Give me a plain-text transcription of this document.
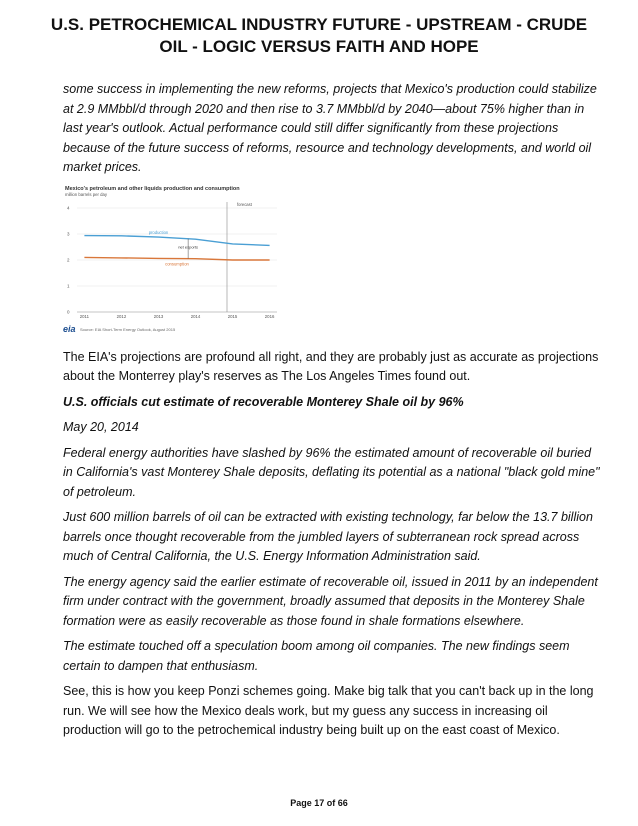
U.S. PETROCHEMICAL INDUSTRY FUTURE - UPSTREAM - CRUDE OIL - LOGIC VERSUS FAITH AND HOPE

some success in implementing the new reforms, projects that Mexico's production could stabilize at 2.9 MMbbl/d through 2020 and then rise to 3.7 MMbbl/d by 2040—about 75% higher than in last year's outlook. Actual performance could still differ significantly from these projections because of the future success of reforms, resource and technology developments, and world oil market prices.

Mexico's petroleum and other liquids production and consumption
million barrels per day
0
1
2
3
4
2011	2012	2013	2014	2015	2016
forecast
production
consumption
net exports
eia Source: EIA Short-Term Energy Outlook, August 2015

The EIA's projections are profound all right, and they are probably just as accurate as projections about the Monterrey play's reserves as The Los Angeles Times found out.

U.S. officials cut estimate of recoverable Monterey Shale oil by 96%

May 20, 2014

Federal energy authorities have slashed by 96% the estimated amount of recoverable oil buried in California's vast Monterey Shale deposits, deflating its potential as a national "black gold mine" of petroleum.

Just 600 million barrels of oil can be extracted with existing technology, far below the 13.7 billion barrels once thought recoverable from the jumbled layers of subterranean rock spread across much of Central California, the U.S. Energy Information Administration said.

The energy agency said the earlier estimate of recoverable oil, issued in 2011 by an independent firm under contract with the government, broadly assumed that deposits in the Monterey Shale formation were as easily recoverable as those found in shale formations elsewhere.

The estimate touched off a speculation boom among oil companies. The new findings seem certain to dampen that enthusiasm.

See, this is how you keep Ponzi schemes going. Make big talk that you can't back up in the long run. We will see how the Mexico deals work, but my guess any success in increasing oil production will go to the petrochemical industry being built up on the east coast of Mexico.

Page 17 of 66
